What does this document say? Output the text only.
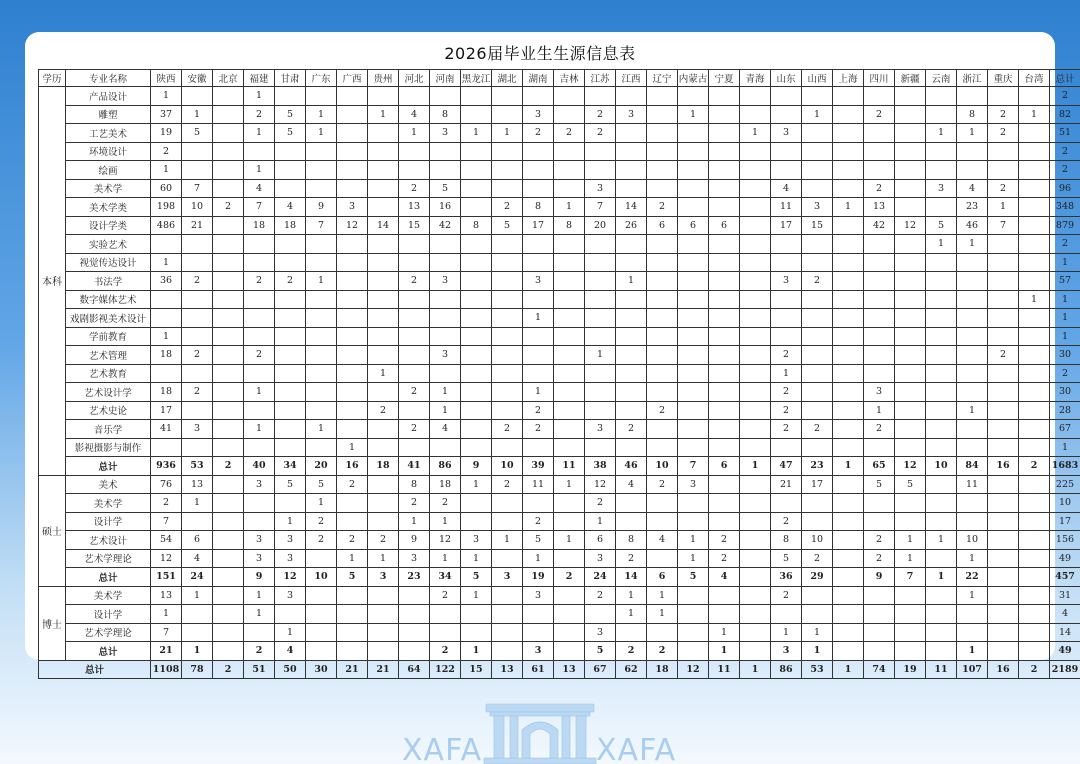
2026届毕业生生源信息表
学历	专业名称	陕西	安徽	北京	福建	甘肃	广东	广西	贵州	河北	河南	黑龙江	湖北	湖南	吉林	江苏	江西	辽宁	内蒙古	宁夏	青海	山东	山西	上海	四川	新疆	云南	浙江	重庆	台湾	总计
本科	产品设计	1			1																										2
	雕塑	37	1		2	5	1		1	4	8			3		2	3		1				1		2			8	2	1	82
	工艺美术	19	5		1	5	1			1	3	1	1	2	2	2					1	3					1	1	2		51
	环境设计	2																													2
	绘画	1			1																										2
	美术学	60	7		4					2	5					3						4			2		3	4	2		96
	美术学类	198	10	2	7	4	9	3		13	16		2	8	1	7	14	2				11	3	1	13			23	1		348
	设计学类	486	21		18	18	7	12	14	15	42	8	5	17	8	20	26	6	6	6		17	15		42	12	5	46	7		879
	实验艺术																										1	1			2
	视觉传达设计	1																													1
	书法学	36	2		2	2	1			2	3			3			1					3	2								57
	数字媒体艺术																													1	1
	戏剧影视美术设计													1																	1
	学前教育	1																													1
	艺术管理	18	2		2						3					1						2							2		30
	艺术教育								1													1									2
	艺术设计学	18	2		1					2	1			1								2			3						30
	艺术史论	17							2		1			2				2				2			1			1			28
	音乐学	41	3		1		1			2	4		2	2		3	2					2	2		2						67
	影视摄影与制作							1																							1
	总计	936	53	2	40	34	20	16	18	41	86	9	10	39	11	38	46	10	7	6	1	47	23	1	65	12	10	84	16	2	1683
硕士	美术	76	13		3	5	5	2		8	18	1	2	11	1	12	4	2	3			21	17		5	5		11			225
	美术学	2	1				1			2	2					2															10
	设计学	7				1	2			1	1			2		1						2									17
	艺术设计	54	6		3	3	2	2	2	9	12	3	1	5	1	6	8	4	1	2		8	10		2	1	1	10			156
	艺术学理论	12	4		3	3		1	1	3	1	1		1		3	2		1	2		5	2		2	1		1			49
	总计	151	24		9	12	10	5	3	23	34	5	3	19	2	24	14	6	5	4		36	29		9	7	1	22			457
博士	美术学	13	1		1	3					2	1		3		2	1	1				2						1			31
	设计学	1			1												1	1													4
	艺术学理论	7				1										3				1		1	1								14
	总计	21	1		2	4					2	1		3		5	2	2		1		3	1					1			49
总计		1108	78	2	51	50	30	21	21	64	122	15	13	61	13	67	62	18	12	11	1	86	53	1	74	19	11	107	16	2	2189
XAFA	XAFA
